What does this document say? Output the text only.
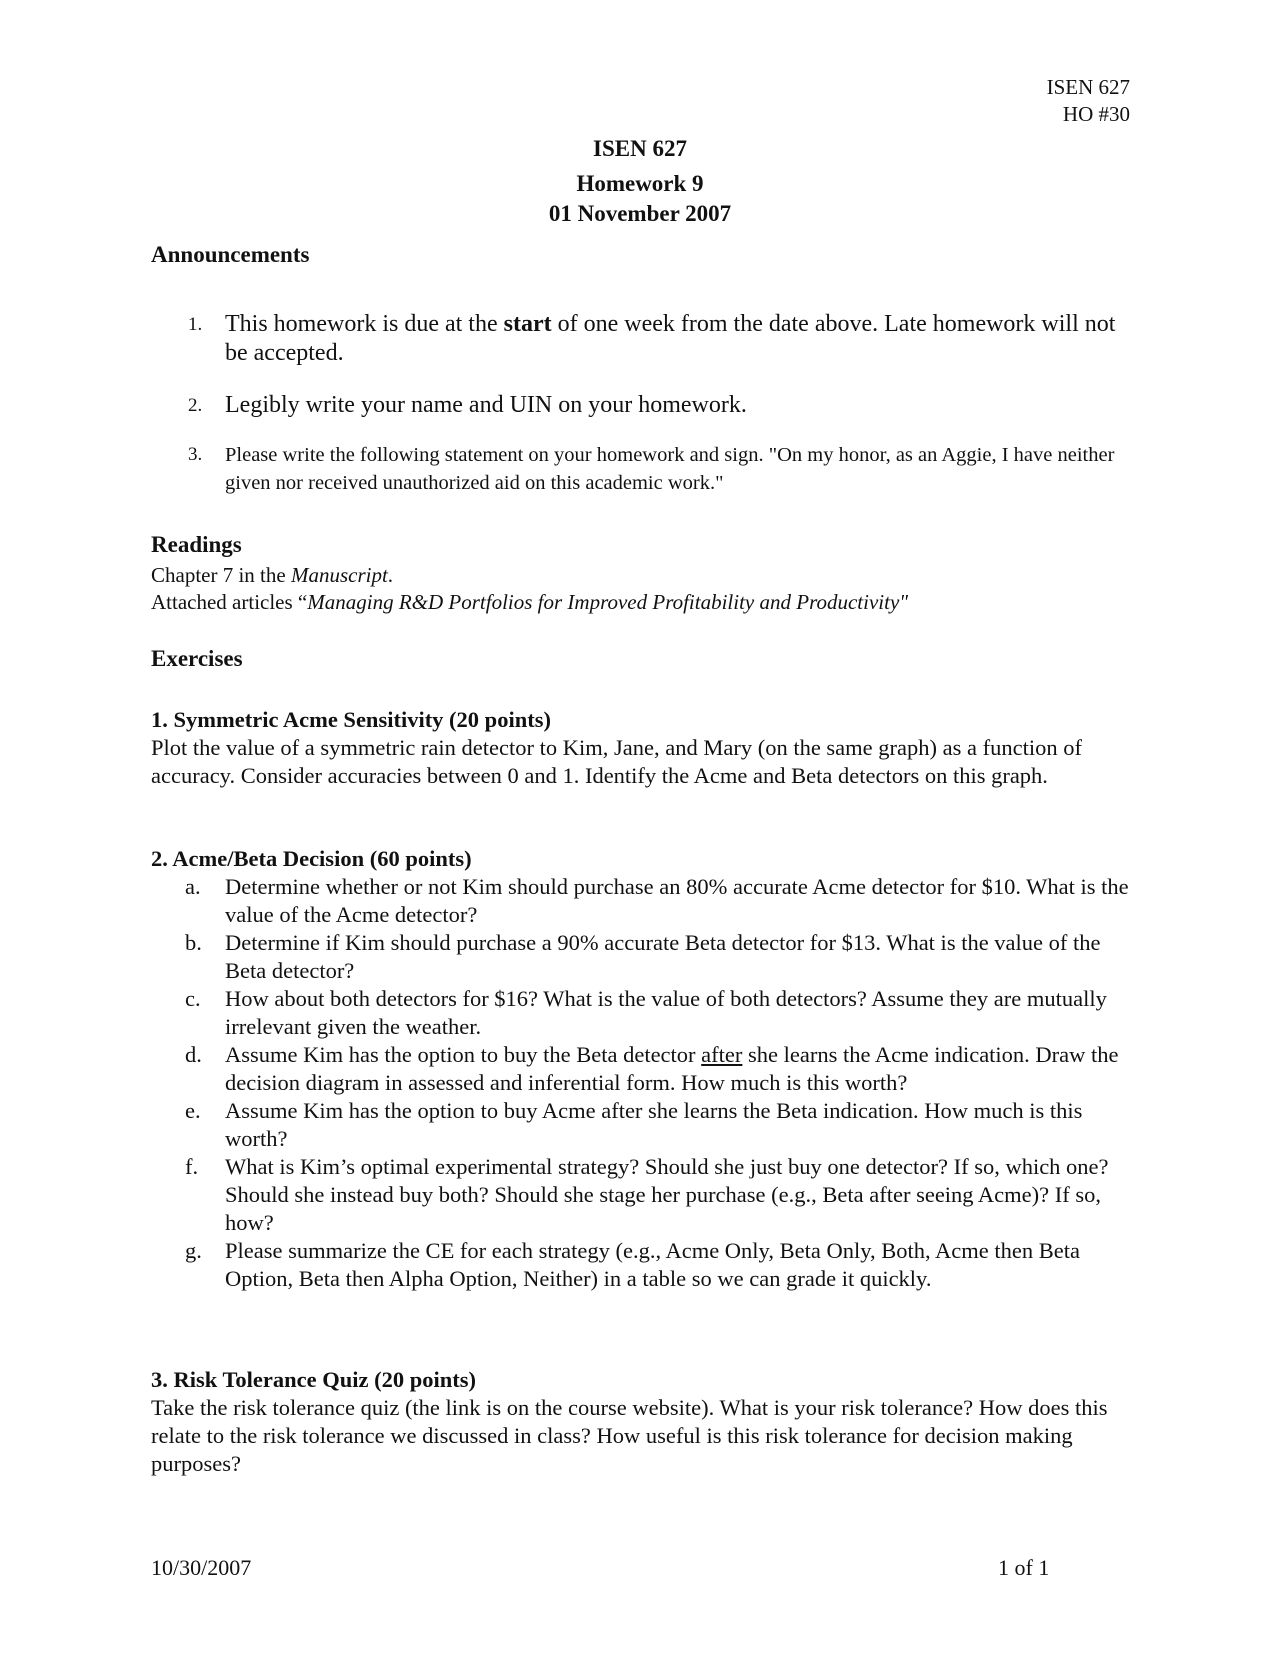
ISEN 627
HO #30
ISEN 627
Homework 9
01 November 2007
Announcements
1. This homework is due at the start of one week from the date above. Late homework will not be accepted.
2. Legibly write your name and UIN on your homework.
3.	Please write the following statement on your homework and sign. "On my honor, as an Aggie, I have neither given nor received unauthorized aid on this academic work."
Readings
Chapter 7 in the Manuscript.
Attached articles “Managing R&D Portfolios for Improved Profitability and Productivity"
Exercises
1. Symmetric Acme Sensitivity (20 points)
Plot the value of a symmetric rain detector to Kim, Jane, and Mary (on the same graph) as a function of accuracy. Consider accuracies between 0 and 1. Identify the Acme and Beta detectors on this graph.
2. Acme/Beta Decision (60 points)
a.	Determine whether or not Kim should purchase an 80% accurate Acme detector for $10. What is the value of the Acme detector?
b.	Determine if Kim should purchase a 90% accurate Beta detector for $13. What is the value of the Beta detector?
c.	How about both detectors for $16? What is the value of both detectors? Assume they are mutually irrelevant given the weather.
d.	Assume Kim has the option to buy the Beta detector after she learns the Acme indication. Draw the decision diagram in assessed and inferential form. How much is this worth?
e.	Assume Kim has the option to buy Acme after she learns the Beta indication. How much is this worth?
f.	What is Kim’s optimal experimental strategy? Should she just buy one detector? If so, which one? Should she instead buy both? Should she stage her purchase (e.g., Beta after seeing Acme)? If so, how?
g.	Please summarize the CE for each strategy (e.g., Acme Only, Beta Only, Both, Acme then Beta Option, Beta then Alpha Option, Neither) in a table so we can grade it quickly.
3. Risk Tolerance Quiz (20 points)
Take the risk tolerance quiz (the link is on the course website). What is your risk tolerance? How does this relate to the risk tolerance we discussed in class? How useful is this risk tolerance for decision making purposes?
10/30/2007	1 of 1
